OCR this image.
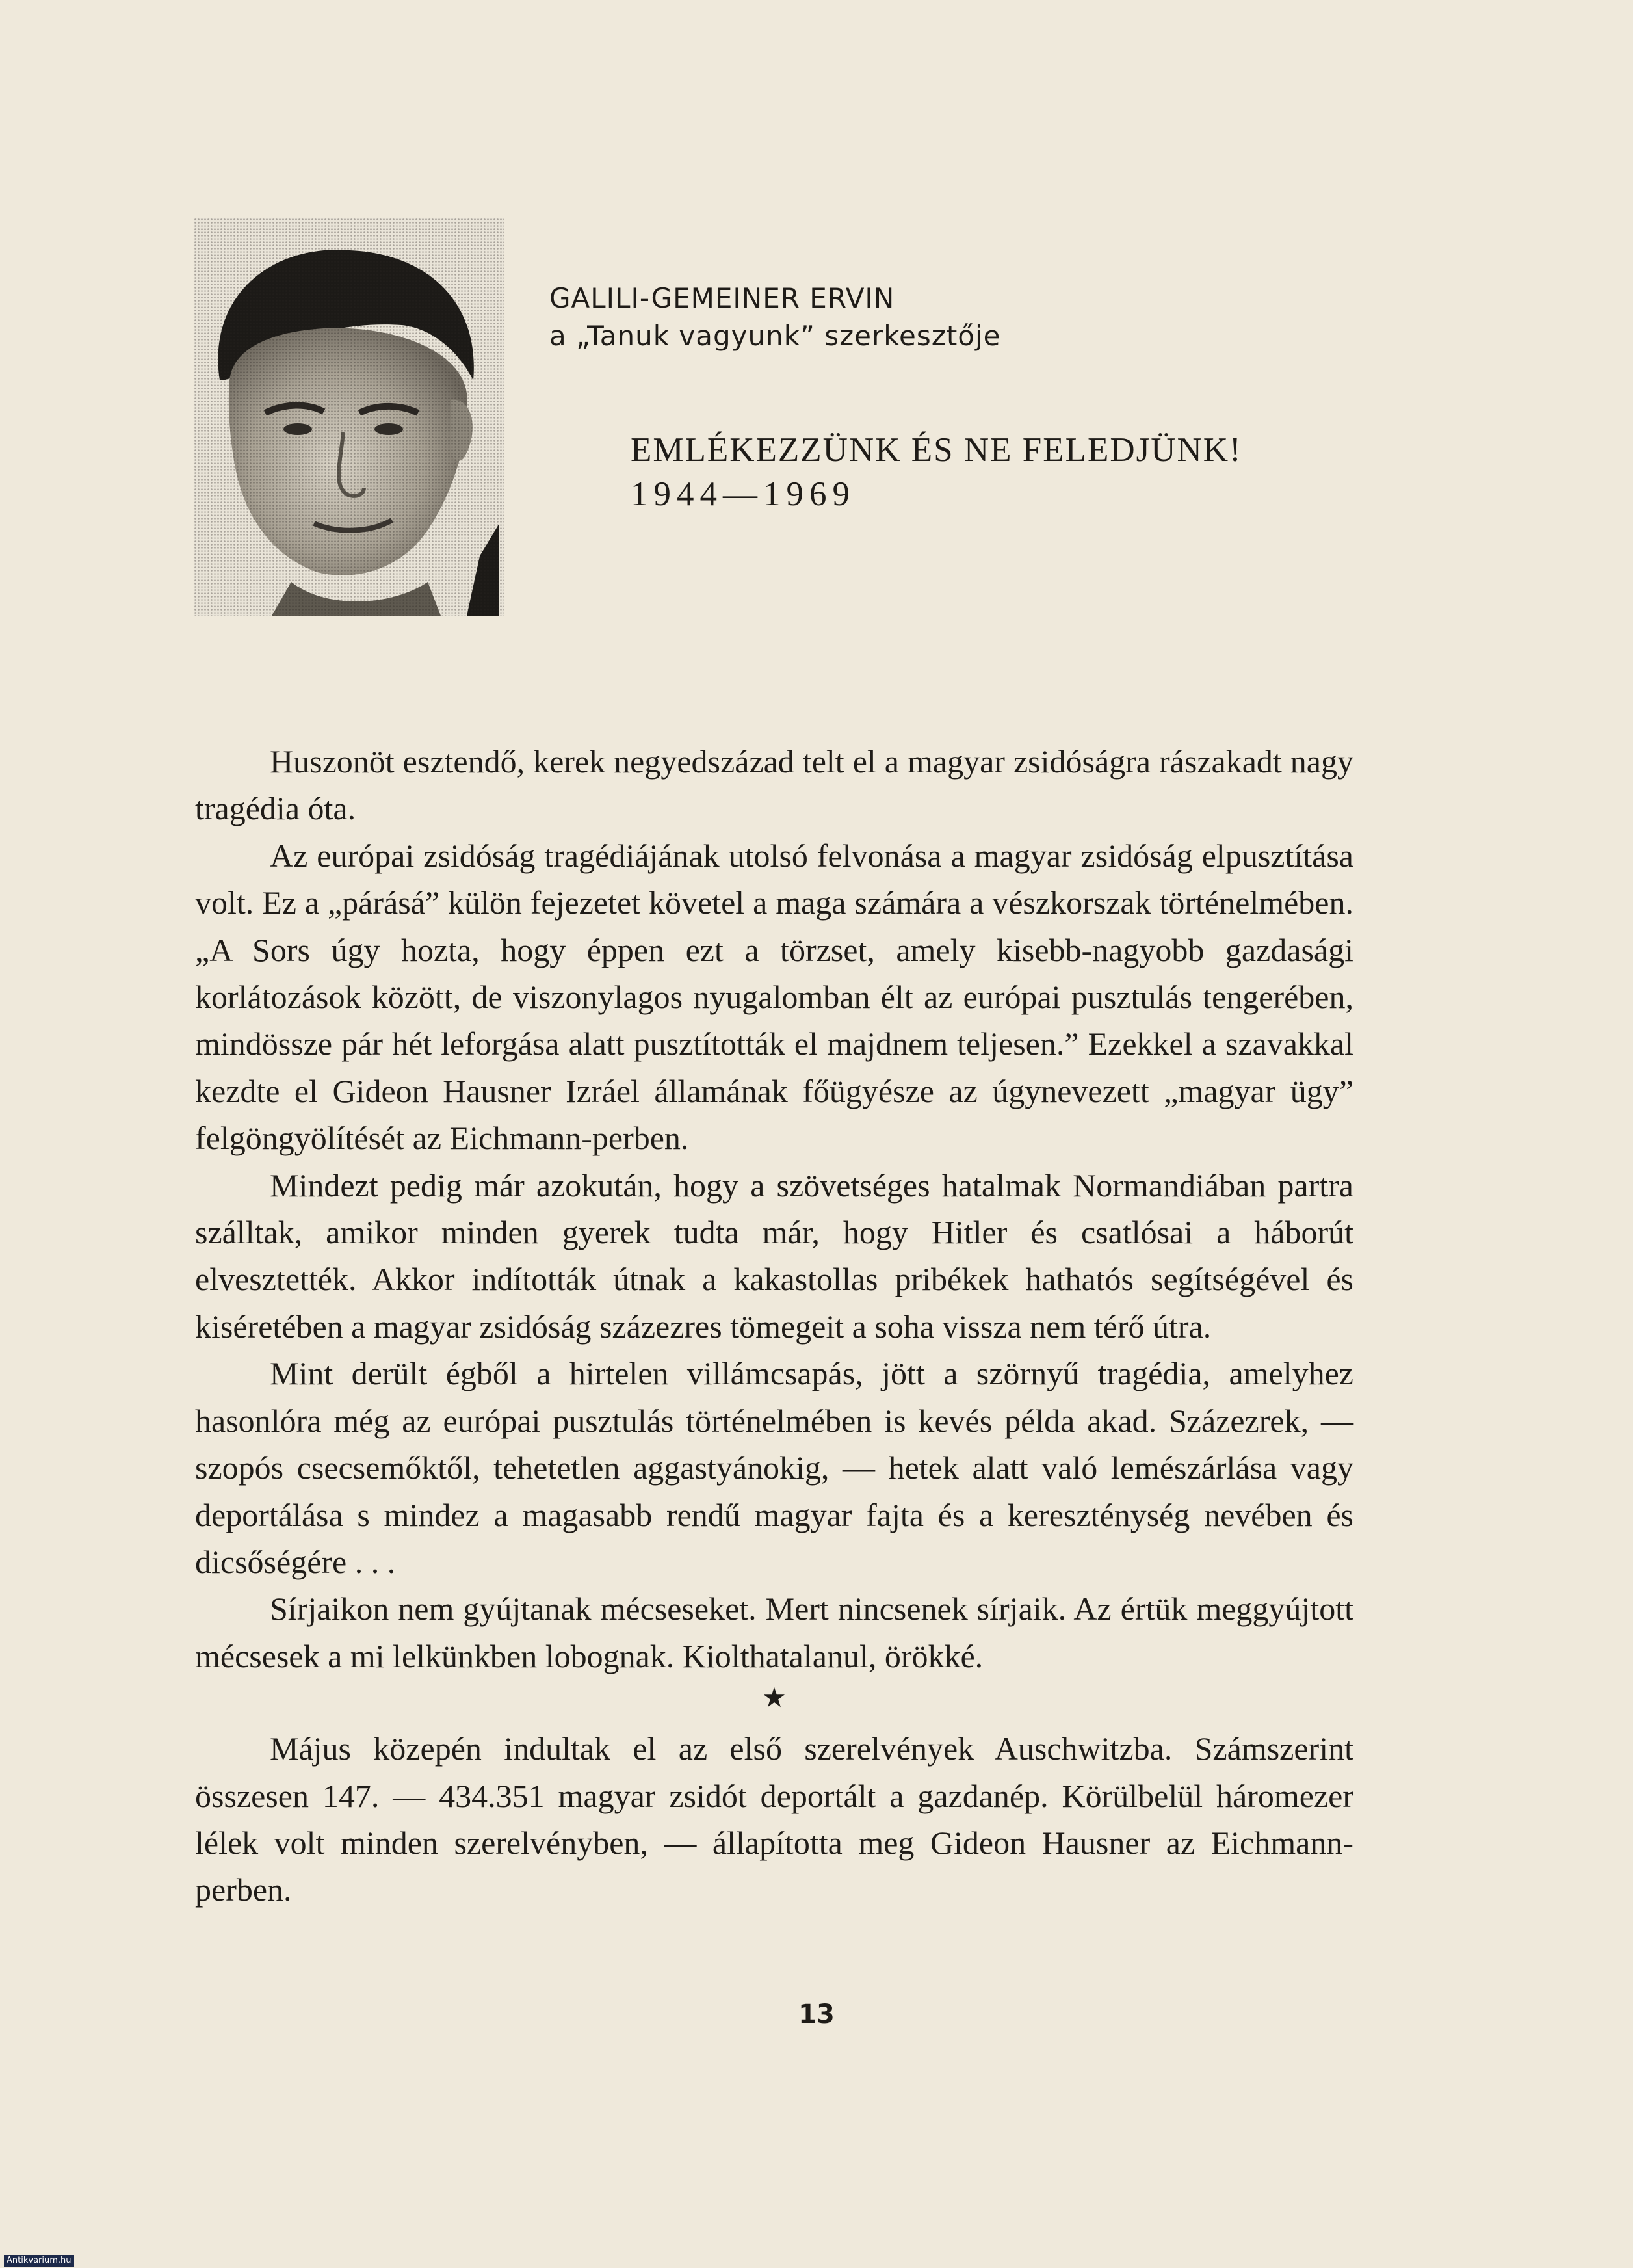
GALILI-GEMEINER ERVIN
a „Tanuk vagyunk” szerkesztője
EMLÉKEZZÜNK ÉS NE FELEDJÜNK!
1944—1969

Huszonöt esztendő, kerek negyedszázad telt el a magyar zsidóságra rászakadt nagy tragédia óta.

Az európai zsidóság tragédiájának utolsó felvonása a magyar zsidóság elpusztítása volt. Ez a „párásá” külön fejezetet követel a maga számára a vészkorszak történelmében. „A Sors úgy hozta, hogy éppen ezt a törzset, amely kisebb-nagyobb gazdasági korlátozások között, de viszonylagos nyugalomban élt az európai pusztulás tengerében, mindössze pár hét leforgása alatt pusztították el majdnem teljesen.” Ezekkel a szavakkal kezdte el Gideon Hausner Izráel államának főügyésze az úgynevezett „magyar ügy” felgöngyölítését az Eichmann-perben.

Mindezt pedig már azokután, hogy a szövetséges hatalmak Normandiában partra szálltak, amikor minden gyerek tudta már, hogy Hitler és csatlósai a háborút elvesztették. Akkor indították útnak a kakastollas pribékek hathatós segítségével és kiséretében a magyar zsidóság százezres tömegeit a soha vissza nem térő útra.

Mint derült égből a hirtelen villámcsapás, jött a szörnyű tragédia, amelyhez hasonlóra még az európai pusztulás történelmében is kevés példa akad. Százezrek, — szopós csecsemőktől, tehetetlen aggastyánokig, — hetek alatt való lemészárlása vagy deportálása s mindez a magasabb rendű magyar fajta és a kereszténység nevében és dicsőségére . . .

Sírjaikon nem gyújtanak mécseseket. Mert nincsenek sírjaik. Az értük meggyújtott mécsesek a mi lelkünkben lobognak. Kiolthatalanul, örökké.

★

Május közepén indultak el az első szerelvények Auschwitzba. Számszerint összesen 147. — 434.351 magyar zsidót deportált a gazdanép. Körülbelül háromezer lélek volt minden szerelvényben, — állapította meg Gideon Hausner az Eichmann-perben.

13
Antikvarium.hu
